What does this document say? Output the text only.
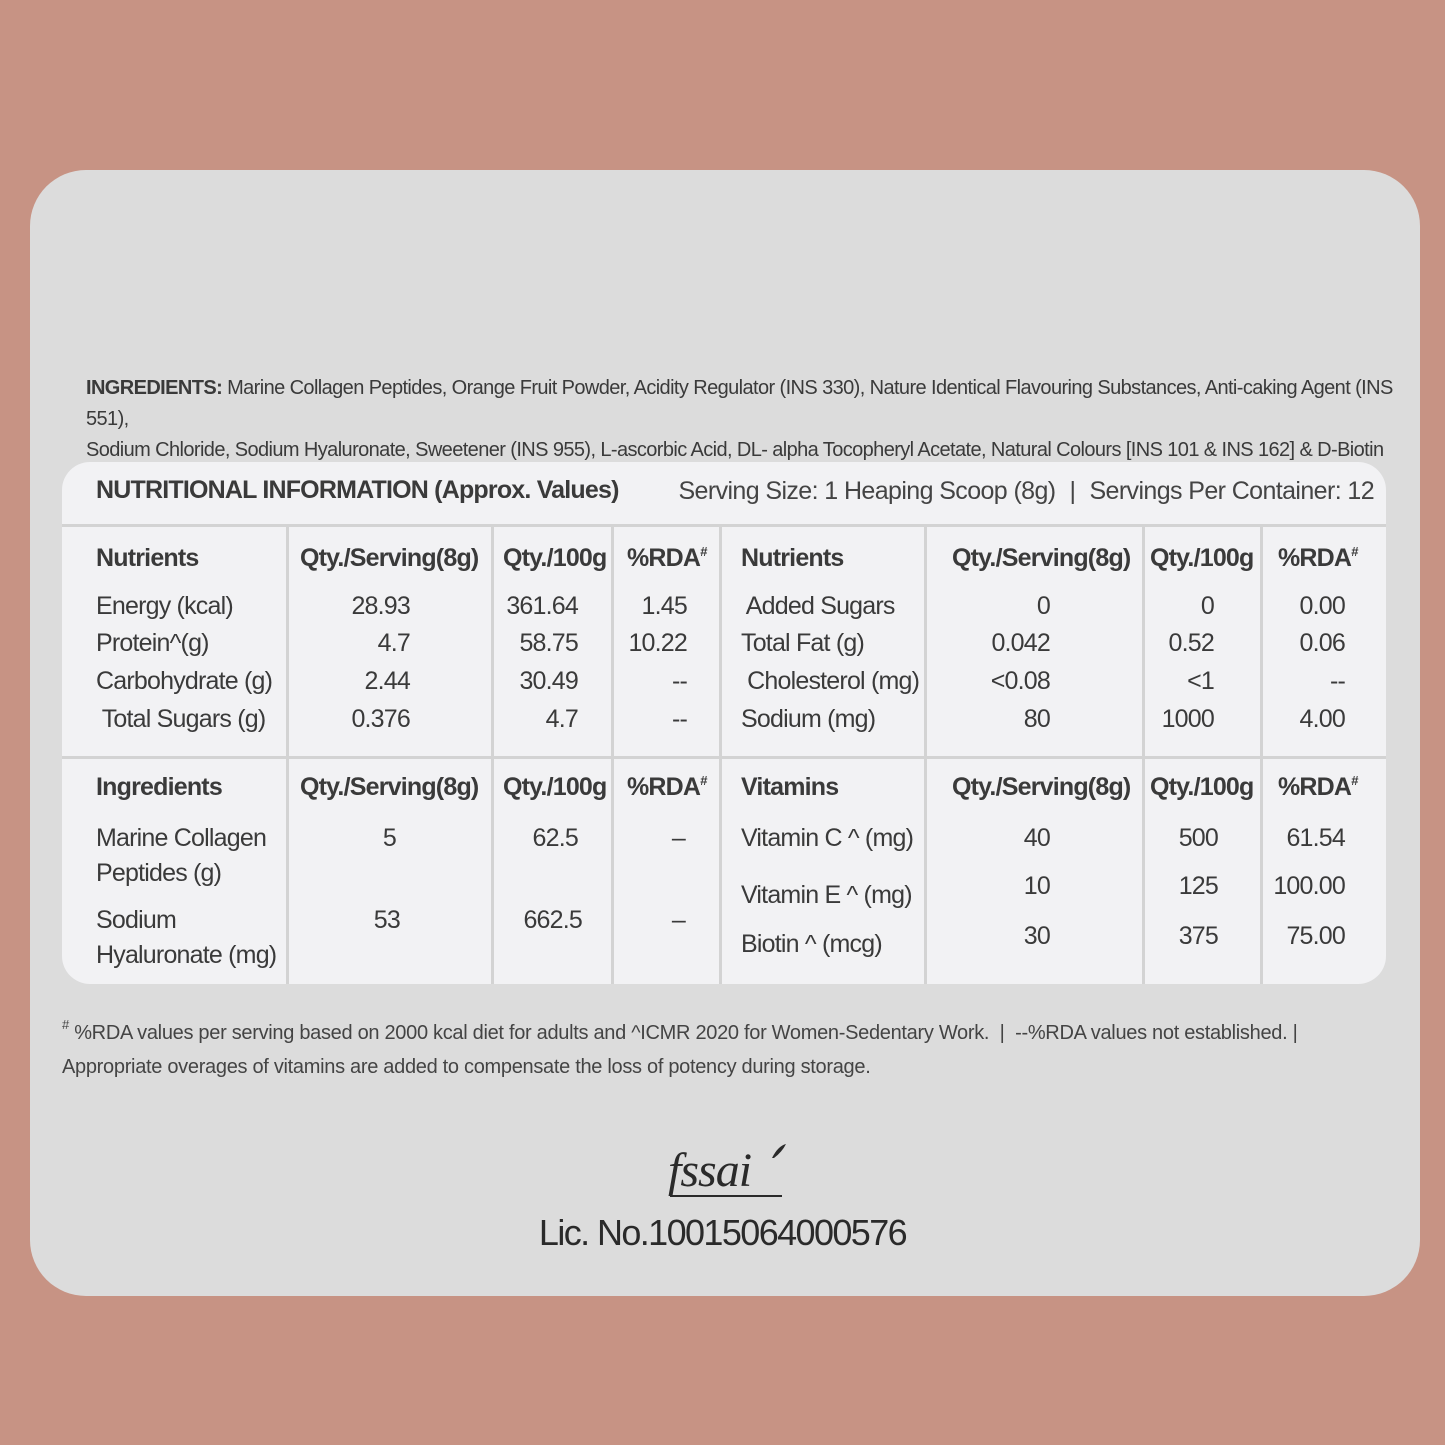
INGREDIENTS: Marine Collagen Peptides, Orange Fruit Powder, Acidity Regulator (INS 330), Nature Identical Flavouring Substances, Anti-caking Agent (INS 551),
Sodium Chloride, Sodium Hyaluronate, Sweetener (INS 955), L-ascorbic Acid, DL- alpha Tocopheryl Acetate, Natural Colours [INS 101 & INS 162] & D-Biotin
NUTRITIONAL INFORMATION (Approx. Values) Serving Size: 1 Heaping Scoop (8g) | Servings Per Container: 12
Nutrients	Qty./Serving(8g) Qty./100g %RDA# Nutrients	Qty./Serving(8g) Qty./100g %RDA#
Energy (kcal)	28.93	361.64	1.45
Protein^(g)	4.7	58.75	10.22
Carbohydrate (g)	2.44	30.49	--
Total Sugars (g)	0.376	4.7	--
Added Sugars	0	0	0.00
Total Fat (g)	0.042	0.52	0.06
Cholesterol (mg)	<0.08	<1	--
Sodium (mg)	80	1000	4.00
Ingredients	Qty./Serving(8g) Qty./100g %RDA# Vitamins	Qty./Serving(8g) Qty./100g %RDA#
Marine Collagen
Peptides (g)
5	62.5	–
Sodium
Hyaluronate (mg)
53	662.5	–
Vitamin C ^ (mg)	40	500	61.54
Vitamin E ^ (mg)	10	125	100.00
Biotin ^ (mcg)	30	375	75.00
# %RDA values per serving based on 2000 kcal diet for adults and ^ICMR 2020 for Women-Sedentary Work.  |  --%RDA values not established. |
Appropriate overages of vitamins are added to compensate the loss of potency during storage.
fssai
Lic. No.10015064000576
